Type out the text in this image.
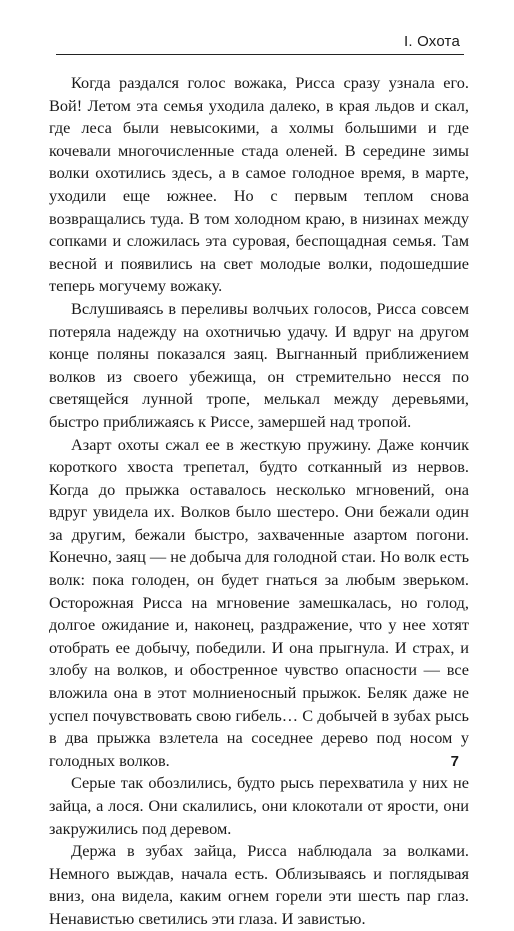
I. Охота

Когда раздался голос вожака, Рисса сразу узнала его. Вой! Летом эта семья уходила далеко, в края льдов и скал, где леса были невысокими, а холмы большими и где кочевали многочисленные стада оленей. В середине зимы волки охотились здесь, а в самое голодное время, в марте, уходили еще южнее. Но с первым теплом снова возвращались туда. В том холодном краю, в низинах между сопками и сложилась эта суровая, беспощадная семья. Там весной и появились на свет молодые волки, подошедшие теперь могучему вожаку.

Вслушиваясь в переливы волчьих голосов, Рисса совсем потеряла надежду на охотничью удачу. И вдруг на другом конце поляны показался заяц. Выгнанный приближением волков из своего убежища, он стремительно несся по светящейся лунной тропе, мелькал между деревьями, быстро приближаясь к Риссе, замершей над тропой.

Азарт охоты сжал ее в жесткую пружину. Даже кончик короткого хвоста трепетал, будто сотканный из нервов. Когда до прыжка оставалось несколько мгновений, она вдруг увидела их. Волков было шестеро. Они бежали один за другим, бежали быстро, захваченные азартом погони. Конечно, заяц — не добыча для голодной стаи. Но волк есть волк: пока голоден, он будет гнаться за любым зверьком. Осторожная Рисса на мгновение замешкалась, но голод, долгое ожидание и, наконец, раздражение, что у нее хотят отобрать ее добычу, победили. И она прыгнула. И страх, и злобу на волков, и обостренное чувство опасности — все вложила она в этот молниеносный прыжок. Беляк даже не успел почувствовать свою гибель… С добычей в зубах рысь в два прыжка взлетела на соседнее дерево под носом у голодных волков.

Серые так обозлились, будто рысь перехватила у них не зайца, а лося. Они скалились, они клокотали от ярости, они закружились под деревом.

Держа в зубах зайца, Рисса наблюдала за волками. Немного выждав, начала есть. Облизываясь и поглядывая вниз, она видела, каким огнем горели эти шесть пар глаз. Ненавистью светились эти глаза. И завистью.

7
